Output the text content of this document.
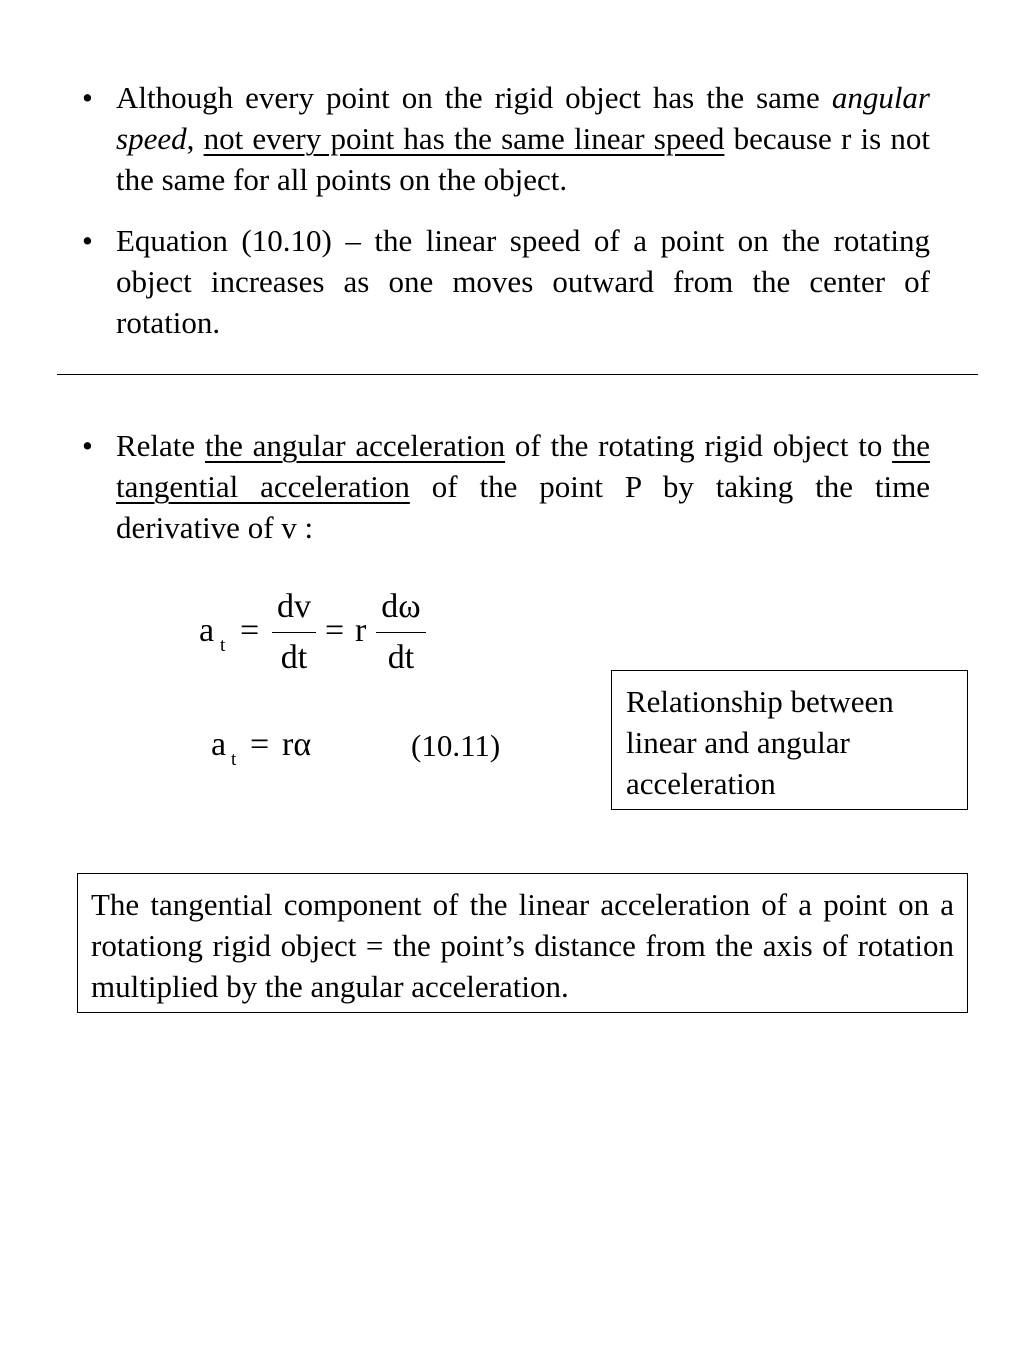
• Although every point on the rigid object has the same angular speed, not every point has the same linear speed because r is not the same for all points on the object.

• Equation (10.10) – the linear speed of a point on the rotating object increases as one moves outward from the center of rotation.

• Relate the angular acceleration of the rotating rigid object to the tangential acceleration of the point P by taking the time derivative of v :

a t =
dv
dt
= r
dω
dt
a t = rα	(10.11)
Relationship between linear and angular acceleration

The tangential component of the linear acceleration of a point on a rotationg rigid object = the point’s distance from the axis of rotation multiplied by the angular acceleration.
